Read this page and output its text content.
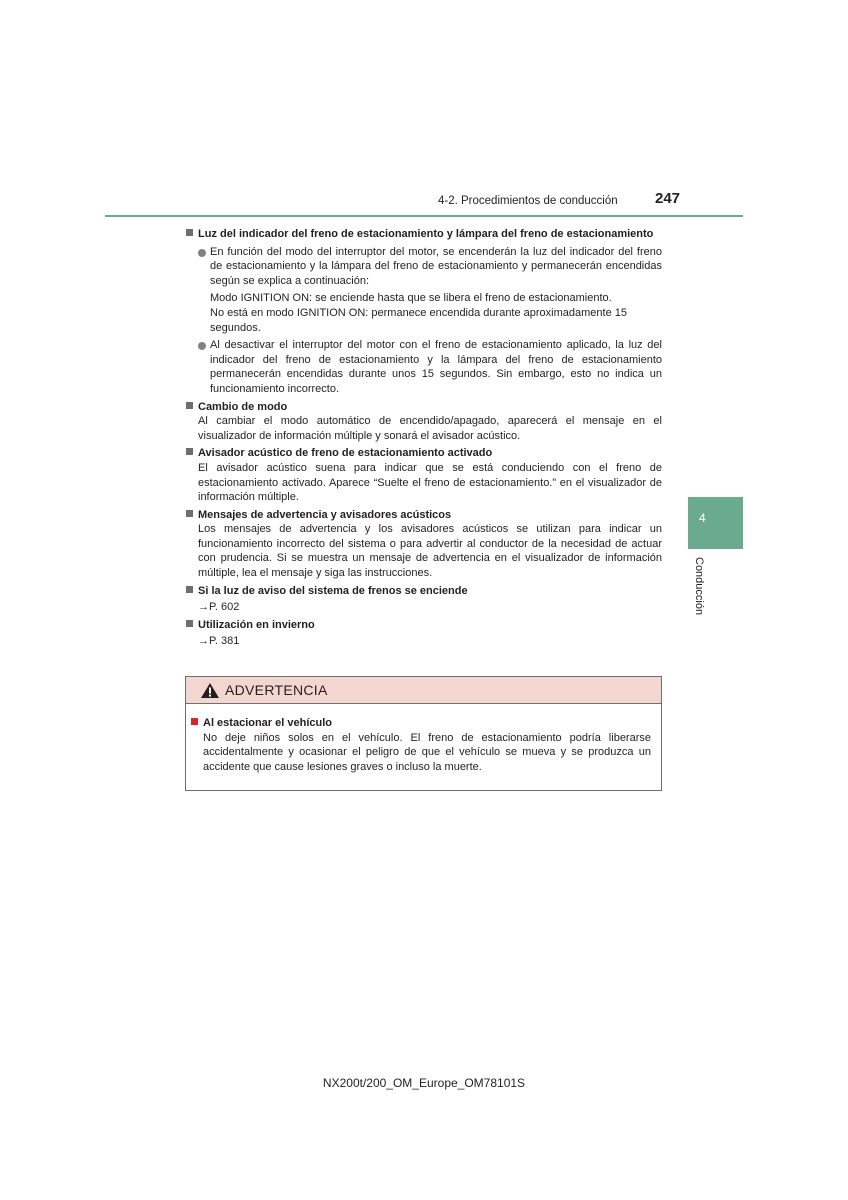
4-2. Procedimientos de conducción 247
4
Conducción
Luz del indicador del freno de estacionamiento y lámpara del freno de estacionamiento
En función del modo del interruptor del motor, se encenderán la luz del indicador del freno de estacionamiento y la lámpara del freno de estacionamiento y permanecerán encendidas según se explica a continuación:
Modo IGNITION ON: se enciende hasta que se libera el freno de estacionamiento.
No está en modo IGNITION ON: permanece encendida durante aproximadamente 15 segundos.
Al desactivar el interruptor del motor con el freno de estacionamiento aplicado, la luz del indicador del freno de estacionamiento y la lámpara del freno de estacionamiento permanecerán encendidas durante unos 15 segundos. Sin embargo, esto no indica un funcionamiento incorrecto.
Cambio de modo
Al cambiar el modo automático de encendido/apagado, aparecerá el mensaje en el visualizador de información múltiple y sonará el avisador acústico.
Avisador acústico de freno de estacionamiento activado
El avisador acústico suena para indicar que se está conduciendo con el freno de estacionamiento activado. Aparece “Suelte el freno de estacionamiento.” en el visualizador de información múltiple.
Mensajes de advertencia y avisadores acústicos
Los mensajes de advertencia y los avisadores acústicos se utilizan para indicar un funcionamiento incorrecto del sistema o para advertir al conductor de la necesidad de actuar con prudencia. Si se muestra un mensaje de advertencia en el visualizador de información múltiple, lea el mensaje y siga las instrucciones.
Si la luz de aviso del sistema de frenos se enciende
→P. 602
Utilización en invierno
→P. 381
ADVERTENCIA
Al estacionar el vehículo
No deje niños solos en el vehículo. El freno de estacionamiento podría liberarse accidentalmente y ocasionar el peligro de que el vehículo se mueva y se produzca un accidente que cause lesiones graves o incluso la muerte.
NX200t/200_OM_Europe_OM78101S
